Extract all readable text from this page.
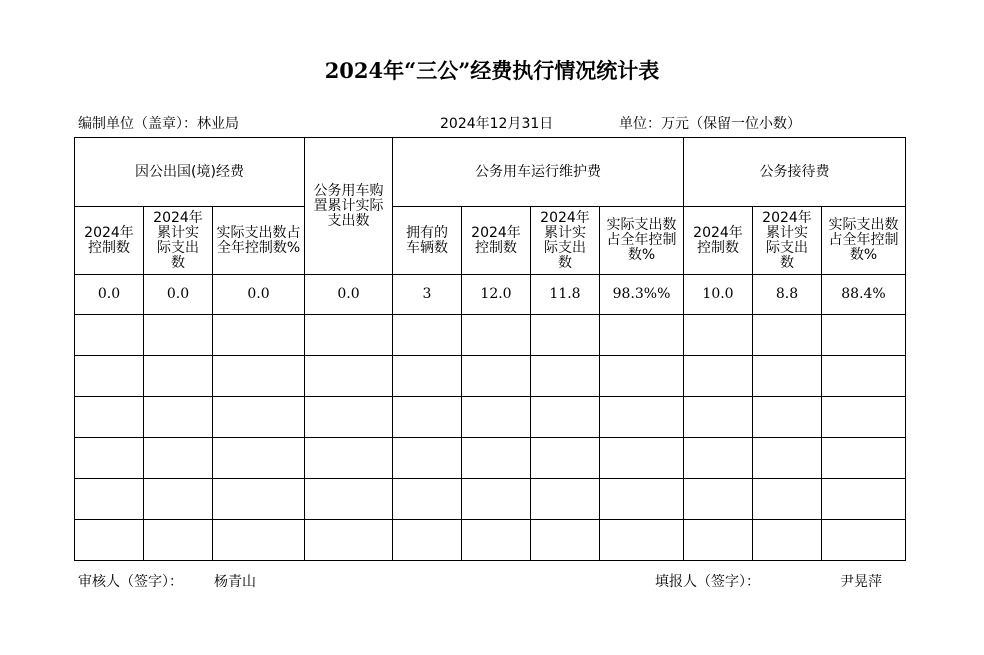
2024年“三公”经费执行情况统计表
编制单位（盖章）：林业局	2024年12月31日	单位：万元（保留一位小数）
因公出国(境)经费			公务用车购置累计实际支出数	公务用车运行维护费				公务接待费		

2024年控制数	2024年累计实际支出数	实际支出数占全年控制数%		拥有的车辆数	2024年控制数	2024年累计实际支出数	实际支出数占全年控制数%	2024年控制数	2024年累计实际支出数	实际支出数占全年控制数%

0.0	0.0	0.0	0.0	3	12.0	11.8	98.3%%	10.0	8.8	88.4%

审核人（签字）： 杨青山	填报人（签字）：	尹晃萍
